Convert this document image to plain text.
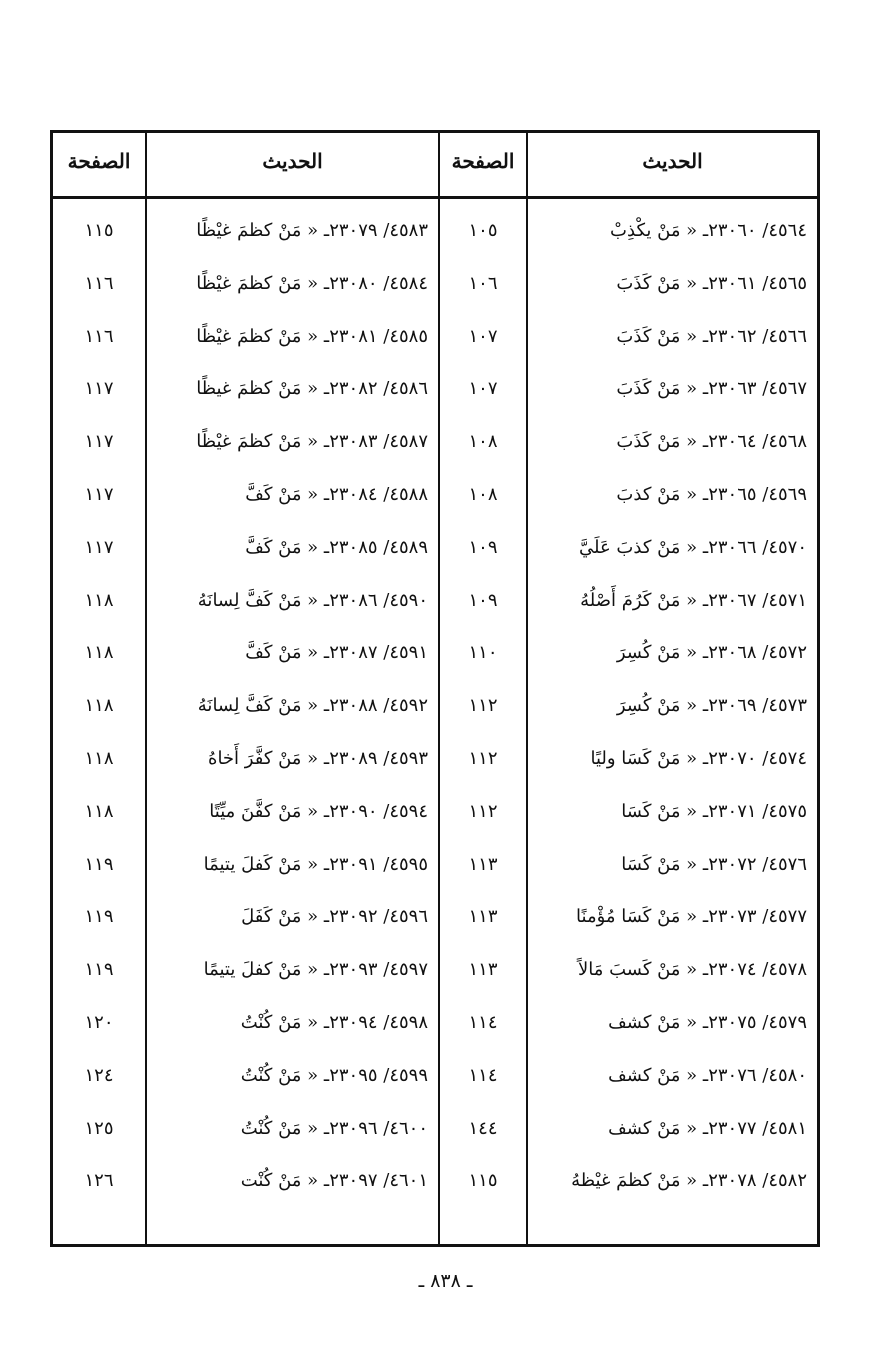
الحديث
الصفحة
الحديث
الصفحة
٤٥٦٤/ ٢٣٠٦٠ـ « مَنْ يكْذِبْ
١٠٥
٤٥٨٣/ ٢٣٠٧٩ـ « مَنْ كظمَ غيْظًا
١١٥
٤٥٦٥/ ٢٣٠٦١ـ « مَنْ كَذَبَ
١٠٦
٤٥٨٤/ ٢٣٠٨٠ـ « مَنْ كظمَ غيْظًا
١١٦
٤٥٦٦/ ٢٣٠٦٢ـ « مَنْ كَذَبَ
١٠٧
٤٥٨٥/ ٢٣٠٨١ـ « مَنْ كظمَ غيْظًا
١١٦
٤٥٦٧/ ٢٣٠٦٣ـ « مَنْ كَذَبَ
١٠٧
٤٥٨٦/ ٢٣٠٨٢ـ « مَنْ كظمَ غيظًا
١١٧
٤٥٦٨/ ٢٣٠٦٤ـ « مَنْ كَذَبَ
١٠٨
٤٥٨٧/ ٢٣٠٨٣ـ « مَنْ كظمَ غيْظًا
١١٧
٤٥٦٩/ ٢٣٠٦٥ـ « مَنْ كذبَ
١٠٨
٤٥٨٨/ ٢٣٠٨٤ـ « مَنْ كَفَّ
١١٧
٤٥٧٠/ ٢٣٠٦٦ـ « مَنْ كذبَ عَلَيَّ
١٠٩
٤٥٨٩/ ٢٣٠٨٥ـ « مَنْ كَفَّ
١١٧
٤٥٧١/ ٢٣٠٦٧ـ « مَنْ كَرُمَ أَصْلُهُ
١٠٩
٤٥٩٠/ ٢٣٠٨٦ـ « مَنْ كَفَّ لِسانَهُ
١١٨
٤٥٧٢/ ٢٣٠٦٨ـ « مَنْ كُسِرَ
١١٠
٤٥٩١/ ٢٣٠٨٧ـ « مَنْ كَفَّ
١١٨
٤٥٧٣/ ٢٣٠٦٩ـ « مَنْ كُسِرَ
١١٢
٤٥٩٢/ ٢٣٠٨٨ـ « مَنْ كَفَّ لِسانَهُ
١١٨
٤٥٧٤/ ٢٣٠٧٠ـ « مَنْ كَسَا وليًا
١١٢
٤٥٩٣/ ٢٣٠٨٩ـ « مَنْ كفَّرَ أَخاهُ
١١٨
٤٥٧٥/ ٢٣٠٧١ـ « مَنْ كَسَا
١١٢
٤٥٩٤/ ٢٣٠٩٠ـ « مَنْ كفَّنَ ميِّتًا
١١٨
٤٥٧٦/ ٢٣٠٧٢ـ « مَنْ كَسَا
١١٣
٤٥٩٥/ ٢٣٠٩١ـ « مَنْ كَفلَ يتيمًا
١١٩
٤٥٧٧/ ٢٣٠٧٣ـ « مَنْ كَسَا مُؤْمنًا
١١٣
٤٥٩٦/ ٢٣٠٩٢ـ « مَنْ كَفَلَ
١١٩
٤٥٧٨/ ٢٣٠٧٤ـ « مَنْ كَسبَ مَالاً
١١٣
٤٥٩٧/ ٢٣٠٩٣ـ « مَنْ كفلَ يتيمًا
١١٩
٤٥٧٩/ ٢٣٠٧٥ـ « مَنْ كشف
١١٤
٤٥٩٨/ ٢٣٠٩٤ـ « مَنْ كُنْتُ
١٢٠
٤٥٨٠/ ٢٣٠٧٦ـ « مَنْ كشف
١١٤
٤٥٩٩/ ٢٣٠٩٥ـ « مَنْ كُنْتُ
١٢٤
٤٥٨١/ ٢٣٠٧٧ـ « مَنْ كشف
١٤٤
٤٦٠٠/ ٢٣٠٩٦ـ « مَنْ كُنْتُ
١٢٥
٤٥٨٢/ ٢٣٠٧٨ـ « مَنْ كظمَ غيْظهُ
١١٥
٤٦٠١/ ٢٣٠٩٧ـ « مَنْ كُنْت
١٢٦
ـ ٨٣٨ ـ
